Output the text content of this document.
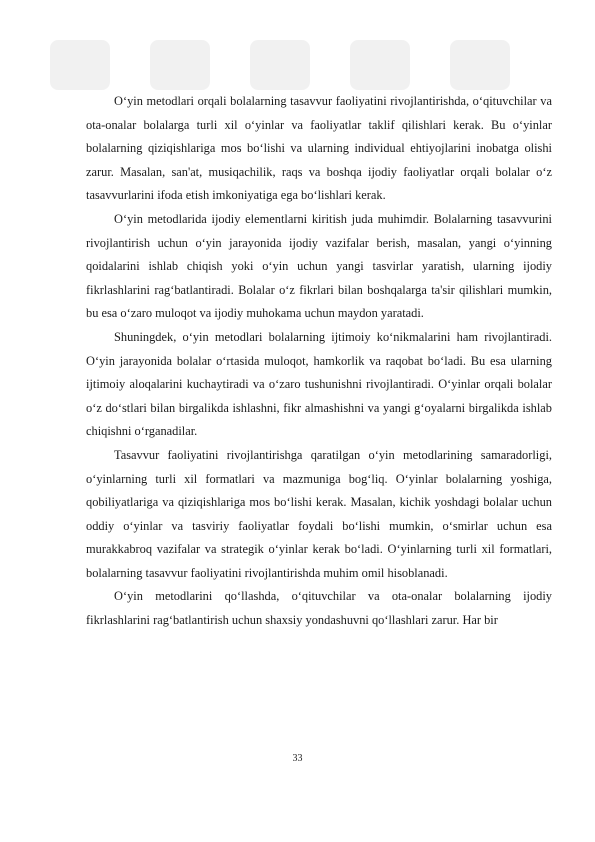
O‘yin metodlari orqali bolalarning tasavvur faoliyatini rivojlantirishda, o‘qituvchilar va ota-onalar bolalarga turli xil o‘yinlar va faoliyatlar taklif qilishlari kerak. Bu o‘yinlar bolalarning qiziqishlariga mos bo‘lishi va ularning individual ehtiyojlarini inobatga olishi zarur. Masalan, san'at, musiqachilik, raqs va boshqa ijodiy faoliyatlar orqali bolalar o‘z tasavvurlarini ifoda etish imkoniyatiga ega bo‘lishlari kerak.

O‘yin metodlarida ijodiy elementlarni kiritish juda muhimdir. Bolalarning tasavvurini rivojlantirish uchun o‘yin jarayonida ijodiy vazifalar berish, masalan, yangi o‘yinning qoidalarini ishlab chiqish yoki o‘yin uchun yangi tasvirlar yaratish, ularning ijodiy fikrlashlarini rag‘batlantiradi. Bolalar o‘z fikrlari bilan boshqalarga ta'sir qilishlari mumkin, bu esa o‘zaro muloqot va ijodiy muhokama uchun maydon yaratadi.

Shuningdek, o‘yin metodlari bolalarning ijtimoiy ko‘nikmalarini ham rivojlantiradi. O‘yin jarayonida bolalar o‘rtasida muloqot, hamkorlik va raqobat bo‘ladi. Bu esa ularning ijtimoiy aloqalarini kuchaytiradi va o‘zaro tushunishni rivojlantiradi. O‘yinlar orqali bolalar o‘z do‘stlari bilan birgalikda ishlashni, fikr almashishni va yangi g‘oyalarni birgalikda ishlab chiqishni o‘rganadilar.

Tasavvur faoliyatini rivojlantirishga qaratilgan o‘yin metodlarining samaradorligi, o‘yinlarning turli xil formatlari va mazmuniga bog‘liq. O‘yinlar bolalarning yoshiga, qobiliyatlariga va qiziqishlariga mos bo‘lishi kerak. Masalan, kichik yoshdagi bolalar uchun oddiy o‘yinlar va tasviriy faoliyatlar foydali bo‘lishi mumkin, o‘smirlar uchun esa murakkabroq vazifalar va strategik o‘yinlar kerak bo‘ladi. O‘yinlarning turli xil formatlari, bolalarning tasavvur faoliyatini rivojlantirishda muhim omil hisoblanadi.

O‘yin metodlarini qo‘llashda, o‘qituvchilar va ota-onalar bolalarning ijodiy fikrlashlarini rag‘batlantirish uchun shaxsiy yondashuvni qo‘llashlari zarur. Har bir

33
